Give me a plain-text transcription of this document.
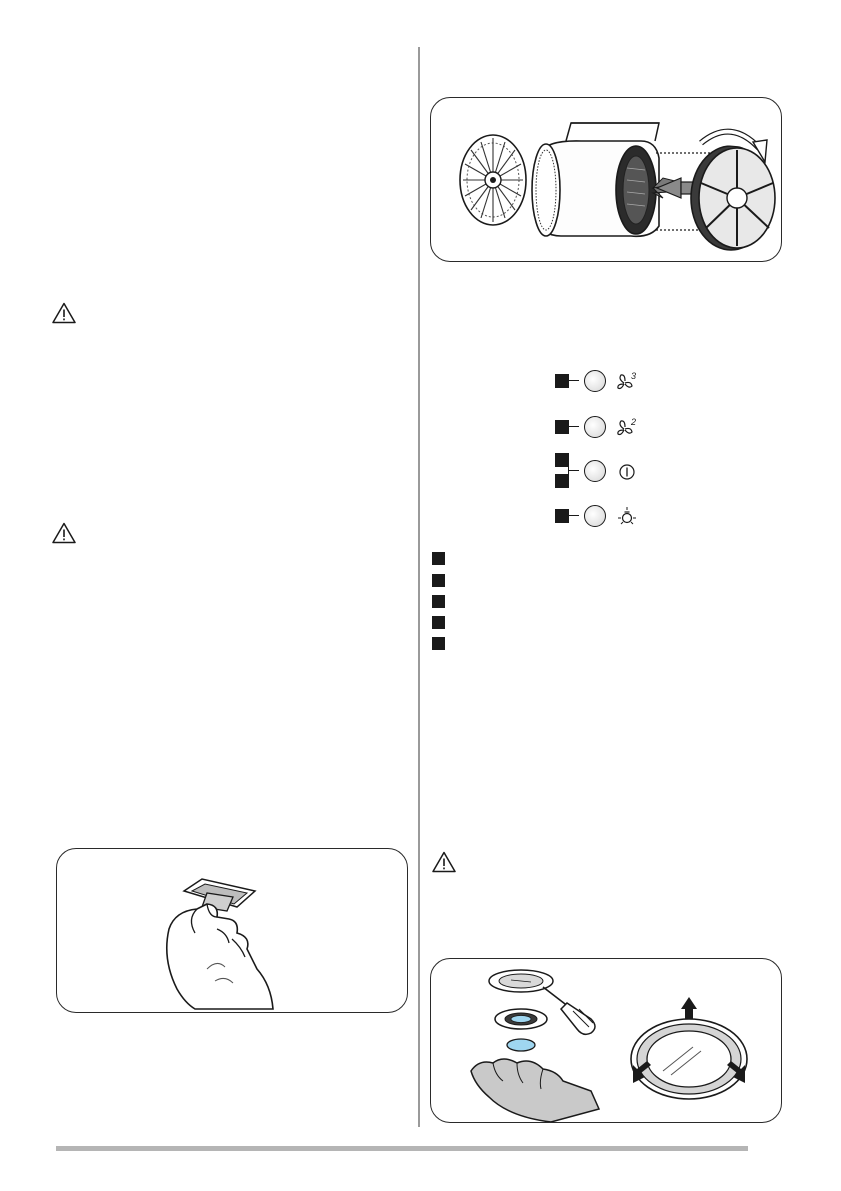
3
2
